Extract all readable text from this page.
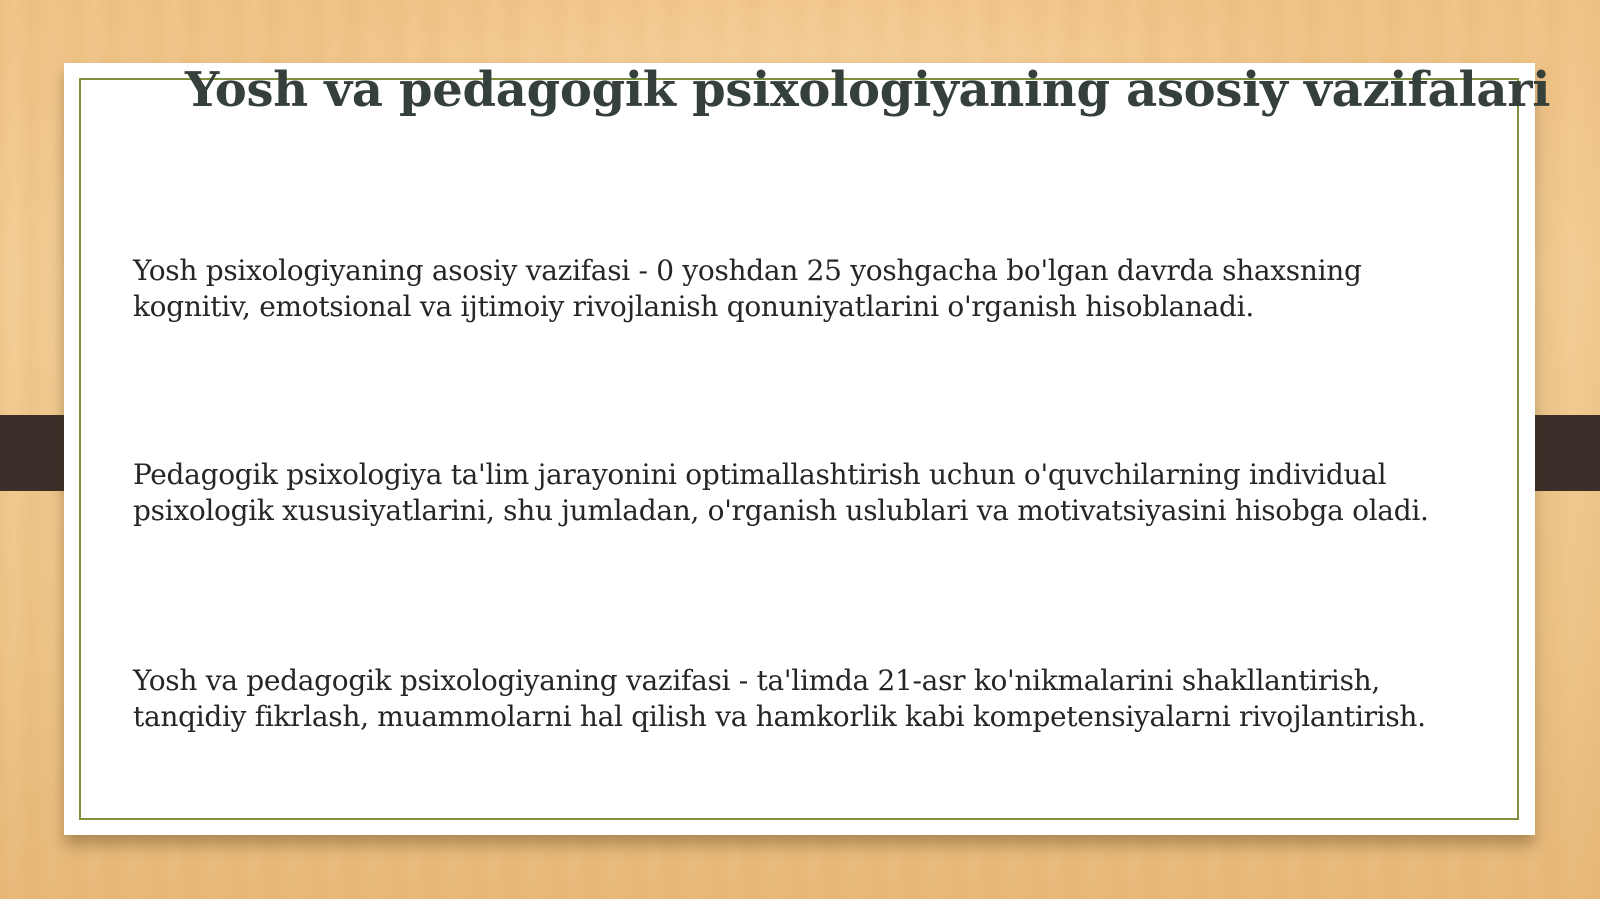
Yosh va pedagogik psixologiyaning asosiy vazifalari

Yosh psixologiyaning asosiy vazifasi - 0 yoshdan 25 yoshgacha bo'lgan davrda shaxsning
kognitiv, emotsional va ijtimoiy rivojlanish qonuniyatlarini o'rganish hisoblanadi.

Pedagogik psixologiya ta'lim jarayonini optimallashtirish uchun o'quvchilarning individual
psixologik xususiyatlarini, shu jumladan, o'rganish uslublari va motivatsiyasini hisobga oladi.

Yosh va pedagogik psixologiyaning vazifasi - ta'limda 21-asr ko'nikmalarini shakllantirish,
tanqidiy fikrlash, muammolarni hal qilish va hamkorlik kabi kompetensiyalarni rivojlantirish.
